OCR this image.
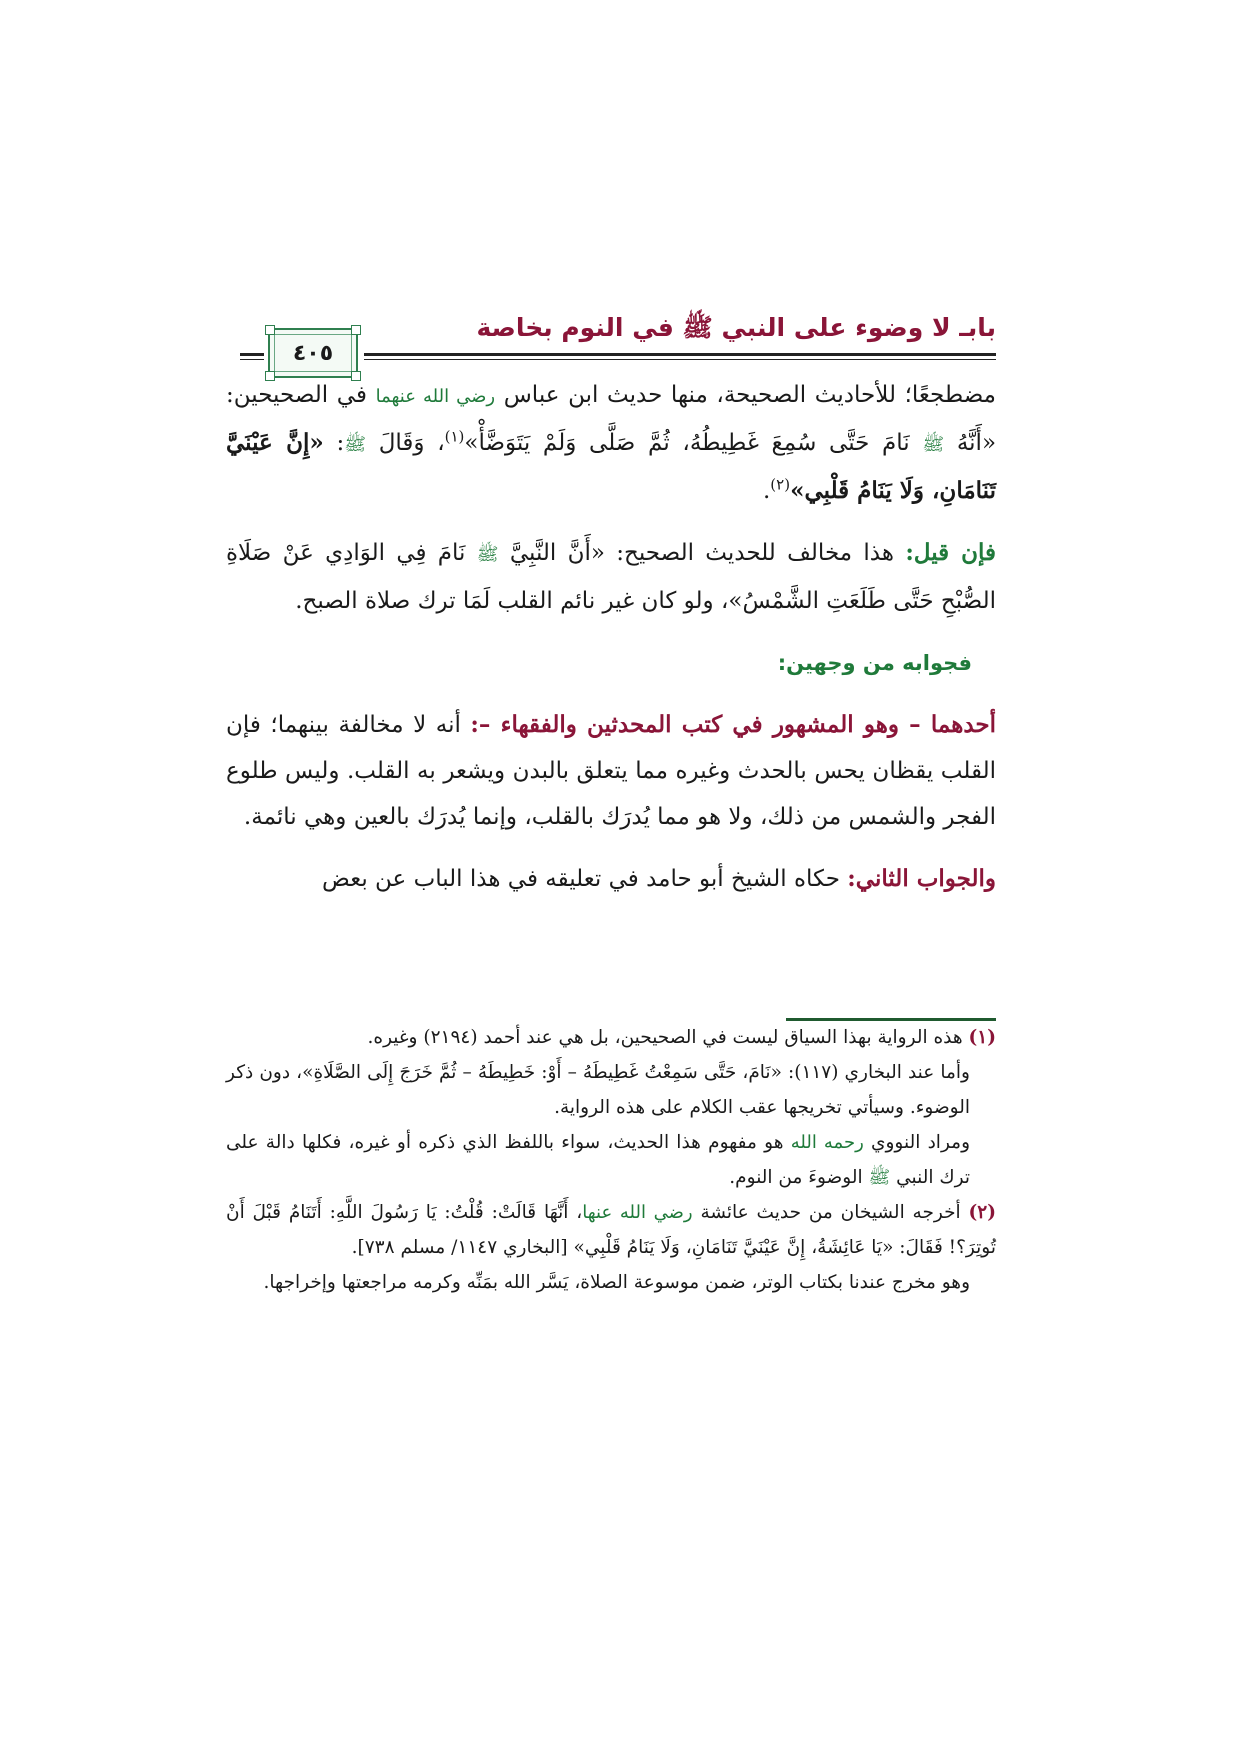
بابـ لا وضوء على النبي ﷺ في النوم بخاصة
٤٠٥

مضطجعًا؛ للأحاديث الصحيحة، منها حديث ابن عباس رضي الله عنهما في الصحيحين: «أَنَّهُ ﷺ نَامَ حَتَّى سُمِعَ غَطِيطُهُ، ثُمَّ صَلَّى وَلَمْ يَتَوَضَّأْ»$^{(١)}$، وَقَالَ ﷺ: «إِنَّ عَيْنَيَّ تَنَامَانِ، وَلَا يَنَامُ قَلْبِي»$^{(٢)}$.

فإن قيل: هذا مخالف للحديث الصحيح: «أَنَّ النَّبِيَّ ﷺ نَامَ فِي الوَادِي عَنْ صَلَاةِ الصُّبْحِ حَتَّى طَلَعَتِ الشَّمْسُ»، ولو كان غير نائم القلب لَمَا ترك صلاة الصبح.

فجوابه من وجهين:

أحدهما – وهو المشهور في كتب المحدثين والفقهاء –: أنه لا مخالفة بينهما؛ فإن القلب يقظان يحس بالحدث وغيره مما يتعلق بالبدن ويشعر به القلب. وليس طلوع الفجر والشمس من ذلك، ولا هو مما يُدرَك بالقلب، وإنما يُدرَك بالعين وهي نائمة.

والجواب الثاني: حكاه الشيخ أبو حامد في تعليقه في هذا الباب عن بعض

(١) هذه الرواية بهذا السياق ليست في الصحيحين، بل هي عند أحمد (٢١٩٤) وغيره.
وأما عند البخاري (١١٧): «نَامَ، حَتَّى سَمِعْتُ غَطِيطَهُ – أَوْ: خَطِيطَهُ – ثُمَّ خَرَجَ إِلَى الصَّلَاةِ»، دون ذكر الوضوء. وسيأتي تخريجها عقب الكلام على هذه الرواية.
ومراد النووي رحمه الله هو مفهوم هذا الحديث، سواء باللفظ الذي ذكره أو غيره، فكلها دالة على ترك النبي ﷺ الوضوءَ من النوم.
(٢) أخرجه الشيخان من حديث عائشة رضي الله عنها، أَنَّهَا قَالَتْ: قُلْتُ: يَا رَسُولَ اللَّهِ: أَتَنَامُ قَبْلَ أَنْ تُوتِرَ؟! فَقَالَ: «يَا عَائِشَةُ، إِنَّ عَيْنَيَّ تَنَامَانِ، وَلَا يَنَامُ قَلْبِي» [البخاري ١١٤٧/ مسلم ٧٣٨].
وهو مخرج عندنا بكتاب الوتر، ضمن موسوعة الصلاة، يَسَّر الله بمَنِّه وكرمه مراجعتها وإخراجها.
